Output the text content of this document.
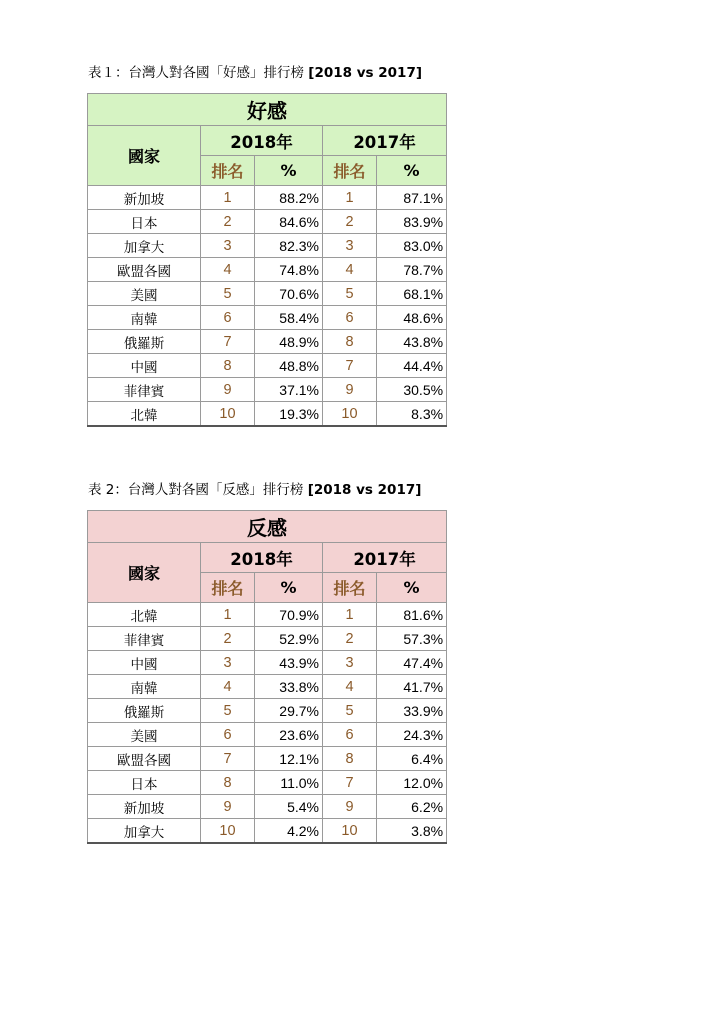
表１：台灣人對各國「好感」排行榜 [2018 vs 2017]
好感				
國家	2018年		2017年	
	排名	%	排名	%
新加坡	1	88.2%	1	87.1%
日本	2	84.6%	2	83.9%
加拿大	3	82.3%	3	83.0%
歐盟各國	4	74.8%	4	78.7%
美國	5	70.6%	5	68.1%
南韓	6	58.4%	6	48.6%
俄羅斯	7	48.9%	8	43.8%
中國	8	48.8%	7	44.4%
菲律賓	9	37.1%	9	30.5%
北韓	10	19.3%	10	8.3%
表 2：台灣人對各國「反感」排行榜 [2018 vs 2017]
反感				
國家	2018年		2017年	
	排名	%	排名	%
北韓	1	70.9%	1	81.6%
菲律賓	2	52.9%	2	57.3%
中國	3	43.9%	3	47.4%
南韓	4	33.8%	4	41.7%
俄羅斯	5	29.7%	5	33.9%
美國	6	23.6%	6	24.3%
歐盟各國	7	12.1%	8	6.4%
日本	8	11.0%	7	12.0%
新加坡	9	5.4%	9	6.2%
加拿大	10	4.2%	10	3.8%
